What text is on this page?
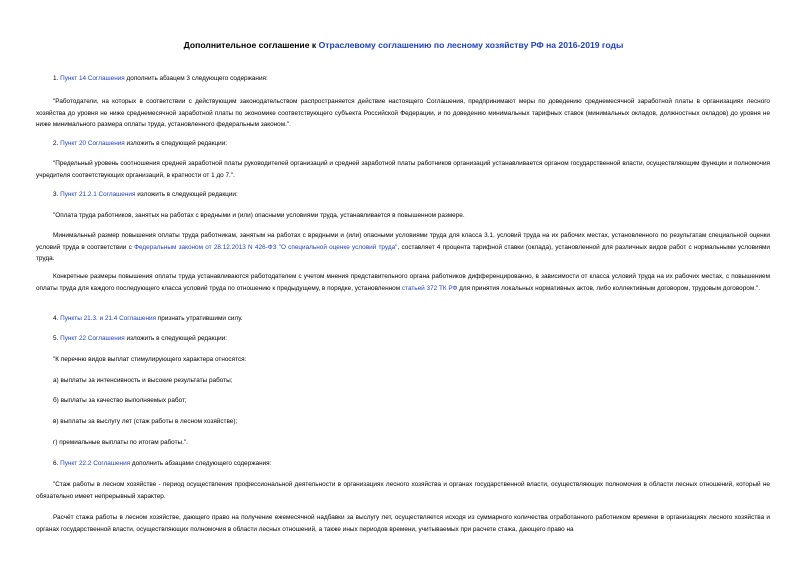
Дополнительное соглашение к Отраслевому соглашению по лесному хозяйству РФ на 2016-2019 годы
1. Пункт 14 Соглашения дополнить абзацем 3 следующего содержания:
"Работодатели, на которых в соответствии с действующим законодательством распространяется действие настоящего Соглашения, предпринимают меры по доведению среднемесячной заработной платы в организациях лесного хозяйства до уровня не ниже среднемесячной заработной платы по экономике соответствующего субъекта Российской Федерации, и по доведению минимальных тарифных ставок (минимальных окладов, должностных окладов) до уровня не ниже минимального размера оплаты труда, установленного федеральным законом.".
2. Пункт 20 Соглашения изложить в следующей редакции:
"Предельный уровень соотношения средней заработной платы руководителей организаций и средней заработной платы работников организаций устанавливается органом государственной власти, осуществляющим функции и полномочия учредителя соответствующих организаций, в кратности от 1 до 7.".
3. Пункт 21.2.1 Соглашения изложить в следующей редакции:
"Оплата труда работников, занятых на работах с вредными и (или) опасными условиями труда, устанавливается в повышенном размере.
Минимальный размер повышения оплаты труда работникам, занятым на работах с вредными и (или) опасными условиями труда для класса 3.1. условий труда на их рабочих местах, установленного по результатам специальной оценки условий труда в соответствии с Федеральным законом от 28.12.2013 N 426-ФЗ "О специальной оценке условий труда", составляет 4 процента тарифной ставки (оклада), установленной для различных видов работ с нормальными условиями труда.
Конкретные размеры повышения оплаты труда устанавливаются работодателем с учетом мнения представительного органа работников дифференцированно, в зависимости от класса условий труда на их рабочих местах, с повышением оплаты труда для каждого последующего класса условий труда по отношению к предыдущему, в порядке, установленном статьей 372 ТК РФ для принятия локальных нормативных актов, либо коллективным договором, трудовым договором.".
4. Пункты 21.3. и 21.4 Соглашения признать утратившими силу.
5. Пункт 22 Соглашения изложить в следующей редакции:
"К перечню видов выплат стимулирующего характера относятся:
а) выплаты за интенсивность и высокие результаты работы;
б) выплаты за качество выполняемых работ;
в) выплаты за выслугу лет (стаж работы в лесном хозяйстве);
г) премиальные выплаты по итогам работы.".
6. Пункт 22.2 Соглашения дополнить абзацами следующего содержания:
"Стаж работы в лесном хозяйстве - период осуществления профессиональной деятельности в организациях лесного хозяйства и органах государственной власти, осуществляющих полномочия в области лесных отношений, который не обязательно имеет непрерывный характер.
Расчёт стажа работы в лесном хозяйстве, дающего право на получение ежемесячной надбавки за выслугу лет, осуществляется исходя из суммарного количества отработанного работником времени в организациях лесного хозяйства и органах государственной власти, осуществляющих полномочия в области лесных отношений, а также иных периодов времени, учитываемых при расчете стажа, дающего право на
